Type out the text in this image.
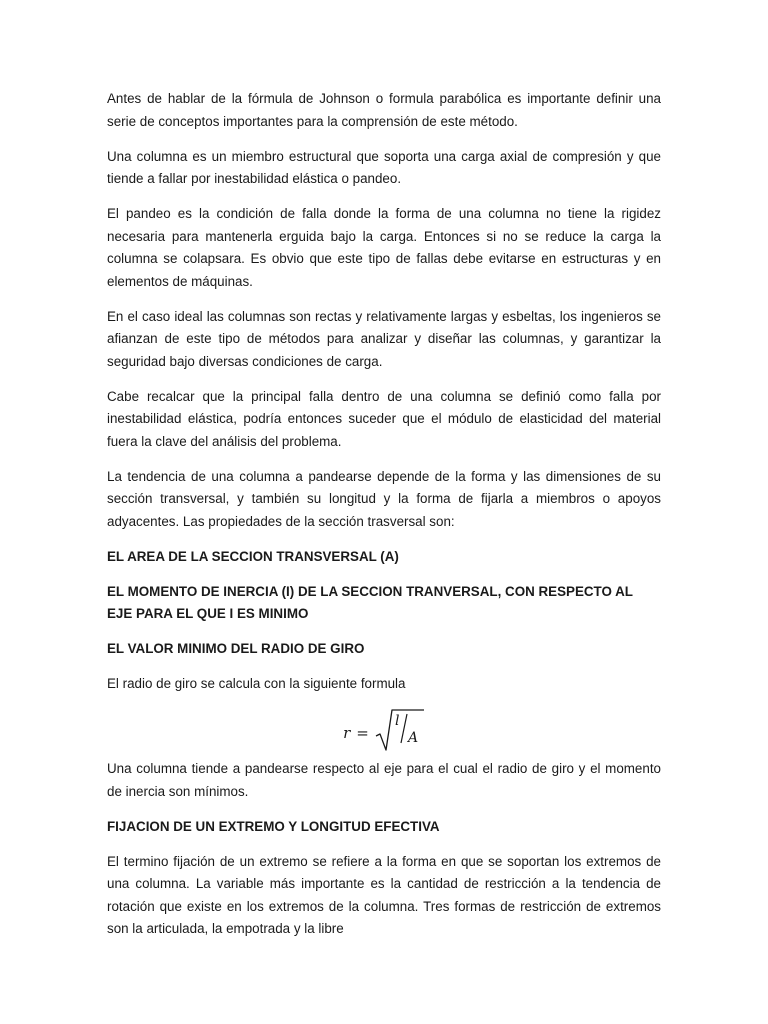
Antes de hablar de la fórmula de Johnson o formula parabólica es importante definir una serie de conceptos importantes para la comprensión de este método.

Una columna es un miembro estructural que soporta una carga axial de compresión y que tiende a fallar por inestabilidad elástica o pandeo.

El pandeo es la condición de falla donde la forma de una columna no tiene la rigidez necesaria para mantenerla erguida bajo la carga. Entonces si no se reduce la carga la columna se colapsara. Es obvio que este tipo de fallas debe evitarse en estructuras y en elementos de máquinas.

En el caso ideal las columnas son rectas y relativamente largas y esbeltas, los ingenieros se afianzan de este tipo de métodos para analizar y diseñar las columnas, y garantizar la seguridad bajo diversas condiciones de carga.

Cabe recalcar que la principal falla dentro de una columna se definió como falla por inestabilidad elástica, podría entonces suceder que el módulo de elasticidad del material fuera la clave del análisis del problema.

La tendencia de una columna a pandearse depende de la forma y las dimensiones de su sección transversal, y también su longitud y la forma de fijarla a miembros o apoyos adyacentes. Las propiedades de la sección trasversal son:

EL AREA DE LA SECCION TRANSVERSAL (A)

EL MOMENTO DE INERCIA (I) DE LA SECCION TRANVERSAL, CON RESPECTO AL EJE PARA EL QUE I ES MINIMO

EL VALOR MINIMO DEL RADIO DE GIRO

El radio de giro se calcula con la siguiente formula

r =
l
A

Una columna tiende a pandearse respecto al eje para el cual el radio de giro y el momento de inercia son mínimos.

FIJACION DE UN EXTREMO Y LONGITUD EFECTIVA

El termino fijación de un extremo se refiere a la forma en que se soportan los extremos de una columna. La variable más importante es la cantidad de restricción a la tendencia de rotación que existe en los extremos de la columna. Tres formas de restricción de extremos son la articulada, la empotrada y la libre
